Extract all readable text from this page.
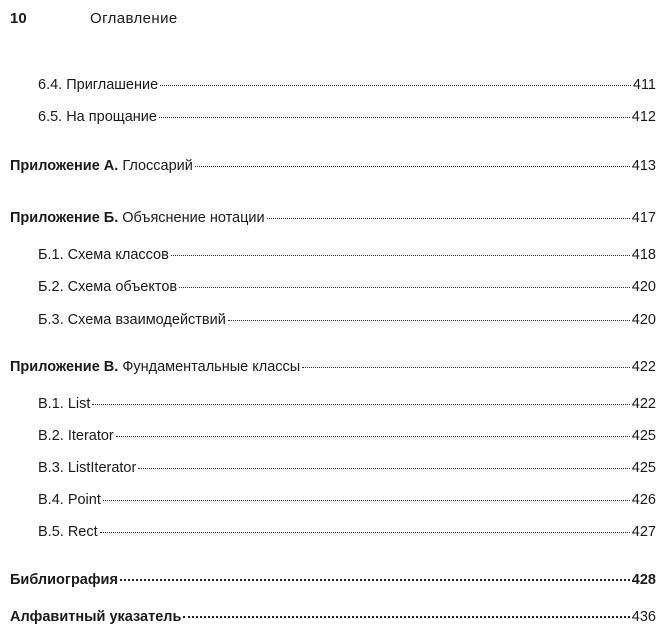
10	Оглавление
6.4. Приглашение	411
6.5. На прощание	412
Приложение А. Глоссарий	413
Приложение Б. Объяснение нотации	417
Б.1. Схема классов	418
Б.2. Схема объектов	420
Б.3. Схема взаимодействий	420
Приложение В. Фундаментальные классы	422
В.1. List	422
В.2. Iterator	425
В.3. ListIterator	425
В.4. Point	426
В.5. Rect	427
Библиография	428
Алфавитный указатель	436
